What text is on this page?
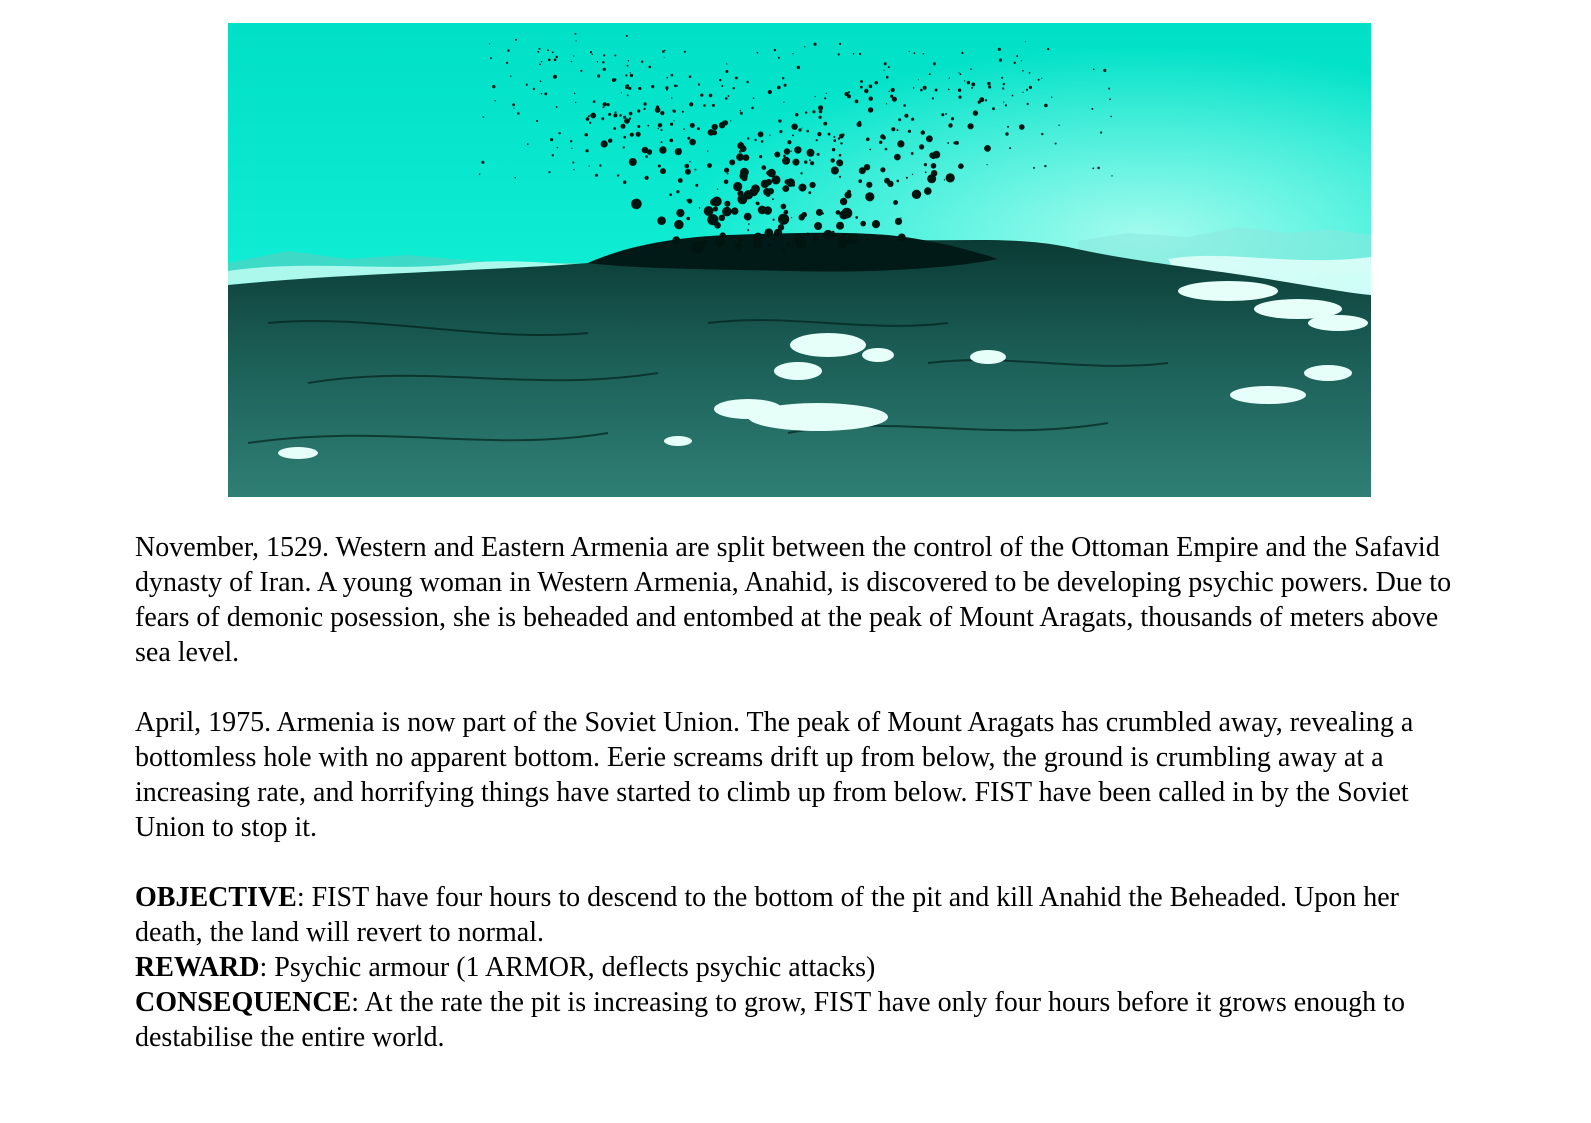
November, 1529. Western and Eastern Armenia are split between the control of the Ottoman Empire and the Safavid dynasty of Iran. A young woman in Western Armenia, Anahid, is discovered to be developing psychic powers. Due to fears of demonic posession, she is beheaded and entombed at the peak of Mount Aragats, thousands of meters above sea level.

April, 1975. Armenia is now part of the Soviet Union. The peak of Mount Aragats has crumbled away, revealing a bottomless hole with no apparent bottom. Eerie screams drift up from below, the ground is crumbling away at a increasing rate, and horrifying things have started to climb up from below. FIST have been called in by the Soviet Union to stop it.

OBJECTIVE: FIST have four hours to descend to the bottom of the pit and kill Anahid the Beheaded. Upon her death, the land will revert to normal.

REWARD: Psychic armour (1 ARMOR, deflects psychic attacks)

CONSEQUENCE: At the rate the pit is increasing to grow, FIST have only four hours before it grows enough to destabilise the entire world.
